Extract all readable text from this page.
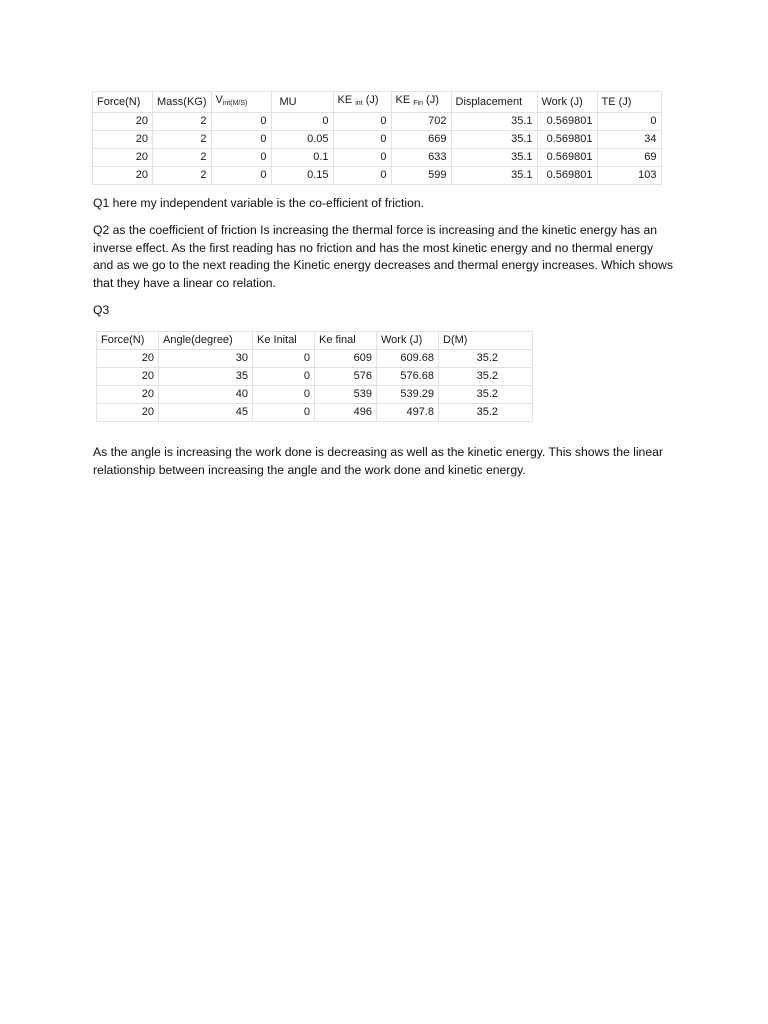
Force(N)	Mass(KG)	$V_{int(M/S)}$	MU	KE $_{int}$ (J)	KE $_{Fin}$ (J)	Displacement	Work (J)	TE (J)
20	2	0	0	0	702	35.1	0.569801	0
20	2	0	0.05	0	669	35.1	0.569801	34
20	2	0	0.1	0	633	35.1	0.569801	69
20	2	0	0.15	0	599	35.1	0.569801	103

Q1 here my independent variable is the co-efficient of friction.

Q2 as the coefficient of friction Is increasing the thermal force is increasing and the kinetic energy has an inverse effect. As the first reading has no friction and has the most kinetic energy and no thermal energy and as we go to the next reading the Kinetic energy decreases and thermal energy increases. Which shows that they have a linear co relation.

Q3

Force(N)	Angle(degree)	Ke Inital	Ke final	Work (J)	D(M)
20	30	0	609	609.68	35.2
20	35	0	576	576.68	35.2
20	40	0	539	539.29	35.2
20	45	0	496	497.8	35.2

As the angle is increasing the work done is decreasing as well as the kinetic energy. This shows the linear relationship between increasing the angle and the work done and kinetic energy.
